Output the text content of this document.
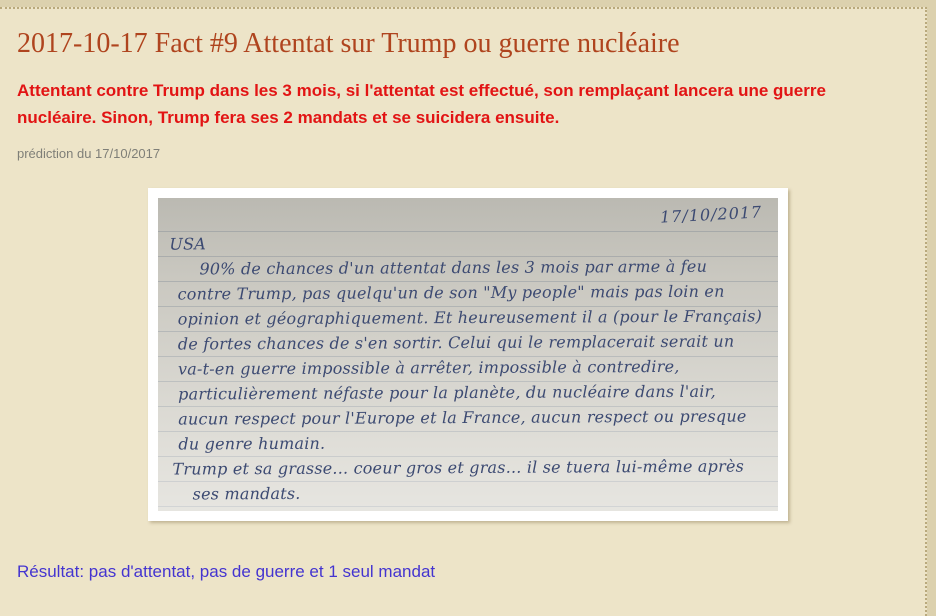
2017-10-17 Fact #9 Attentat sur Trump ou guerre nucléaire

Attentant contre Trump dans les 3 mois, si l'attentat est effectué, son remplaçant lancera une guerre nucléaire. Sinon, Trump fera ses 2 mandats et se suicidera ensuite.

prédiction du 17/10/2017

17/10/2017
USA
90% de chances d'un attentat dans les 3 mois par arme à feu
contre Trump, pas quelqu'un de son "My people" mais pas loin en
opinion et géographiquement. Et heureusement il a (pour le Français)
de fortes chances de s'en sortir. Celui qui le remplacerait serait un
va-t-en guerre impossible à arrêter, impossible à contredire,
particulièrement néfaste pour la planète, du nucléaire dans l'air,
aucun respect pour l'Europe et la France, aucun respect ou presque
du genre humain.
Trump et sa grasse... coeur gros et gras... il se tuera lui-même après
ses mandats.
Résultat: pas d'attentat, pas de guerre et 1 seul mandat
